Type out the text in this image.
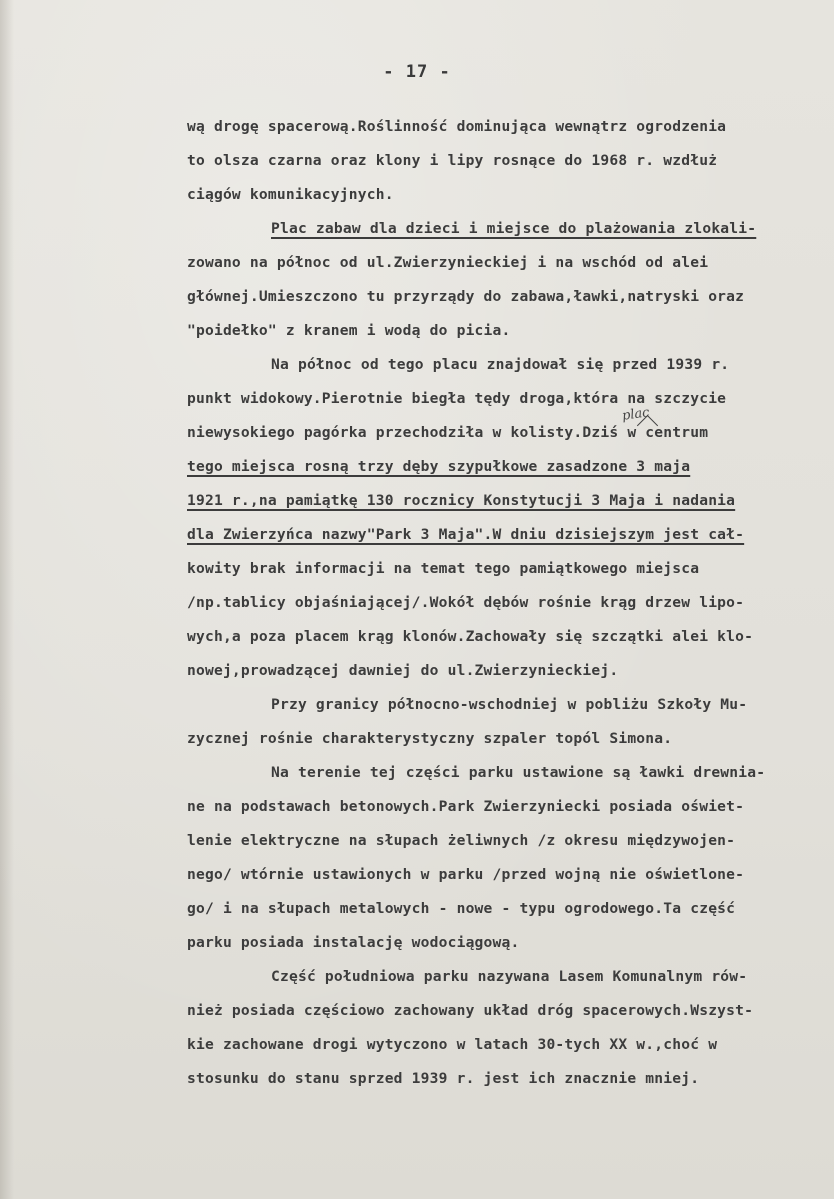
- 17 -
wą drogę spacerową.Roślinność dominująca wewnątrz ogrodzenia
to olsza czarna oraz klony i lipy rosnące do 1968 r. wzdłuż
ciągów komunikacyjnych.
Plac zabaw dla dzieci i miejsce do plażowania zlokali-
zowano na północ od ul.Zwierzynieckiej i na wschód od alei
głównej.Umieszczono tu przyrządy do zabawa,ławki,natryski oraz
"poidełko" z kranem i wodą do picia.
Na północ od tego placu znajdował się przed 1939 r.
punkt widokowy.Pierotnie biegła tędy droga,która na szczycie
niewysokiego pagórka przechodziła w kolisty.Dziś w centrum
plac
tego miejsca rosną trzy dęby szypułkowe zasadzone 3 maja
1921 r.,na pamiątkę 130 rocznicy Konstytucji 3 Maja i nadania
dla Zwierzyńca nazwy"Park 3 Maja".W dniu dzisiejszym jest cał-
kowity brak informacji na temat tego pamiątkowego miejsca
/np.tablicy objaśniającej/.Wokół dębów rośnie krąg drzew lipo-
wych,a poza placem krąg klonów.Zachowały się szczątki alei klo-
nowej,prowadzącej dawniej do ul.Zwierzynieckiej.
Przy granicy północno-wschodniej w pobliżu Szkoły Mu-
zycznej rośnie charakterystyczny szpaler topól Simona.
Na terenie tej części parku ustawione są ławki drewnia-
ne na podstawach betonowych.Park Zwierzyniecki posiada oświet-
lenie elektryczne na słupach żeliwnych /z okresu międzywojen-
nego/ wtórnie ustawionych w parku /przed wojną nie oświetlone-
go/ i na słupach metalowych - nowe - typu ogrodowego.Ta część
parku posiada instalację wodociągową.
Część południowa parku nazywana Lasem Komunalnym rów-
nież posiada częściowo zachowany układ dróg spacerowych.Wszyst-
kie zachowane drogi wytyczono w latach 30-tych XX w.,choć w
stosunku do stanu sprzed 1939 r. jest ich znacznie mniej.
